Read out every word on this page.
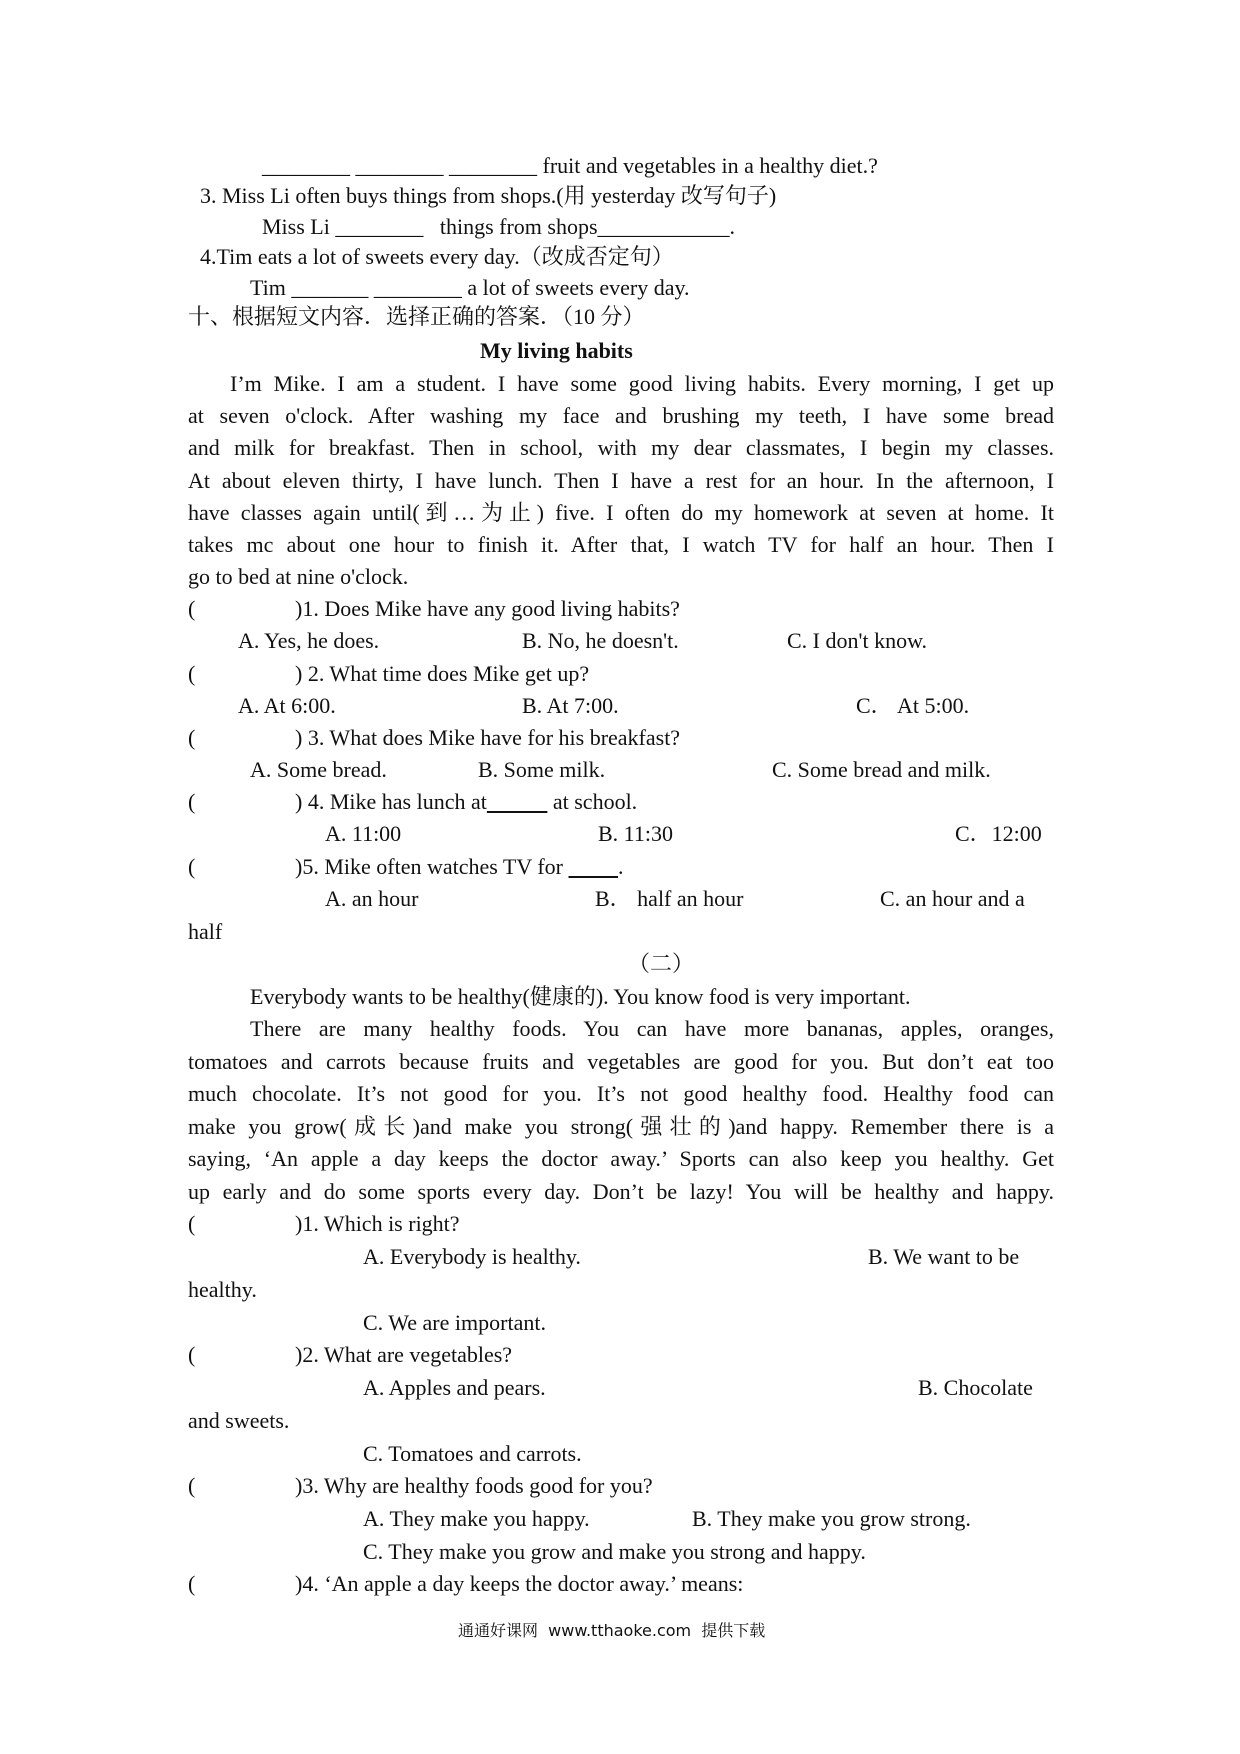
________ ________ ________ fruit and vegetables in a healthy diet.?
3. Miss Li often buys things from shops.(用 yesterday 改写句子)
Miss Li ________   things from shops____________.
4.Tim eats a lot of sweets every day.（改成否定句）
Tim _______ ________ a lot of sweets every day.
十、根据短文内容．选择正确的答案．（10 分）
My living habits
I’m Mike. I am a student. I have some good living habits. Every morning, I get up
at seven o'clock. After washing my face and brushing my teeth, I have some bread
and milk for breakfast. Then in school, with my dear classmates, I begin my classes.
At about eleven thirty, I have lunch. Then I have a rest for an hour. In the afternoon, I
have classes again until(到…为止) five. I often do my homework at seven at home. It
takes mc about one hour to finish it. After that, I watch TV for half an hour. Then I
go to bed at nine o'clock.
(	)1. Does Mike have any good living habits?
A. Yes, he does.	B. No, he doesn't.	C. I don't know.
(	) 2. What time does Mike get up?
A. At 6:00.	B. At 7:00.	C． At 5:00.
(	) 3. What does Mike have for his breakfast?
A. Some bread.	B. Some milk.	C. Some bread and milk.
(	) 4. Mike has lunch at	at school.
A. 11:00	B. 11:30	C．12:00
(	)5. Mike often watches TV for          .
A. an hour	B． half an hour	C. an hour and a
half
（二）
Everybody wants to be healthy(健康的). You know food is very important.
There are many healthy foods. You can have more bananas, apples, oranges,
tomatoes and carrots because fruits and vegetables are good for you. But don’t eat too
much chocolate. It’s not good for you. It’s not good healthy food. Healthy food can
make you grow(成长)and make you strong(强壮的)and happy. Remember there is a
saying, ‘An apple a day keeps the doctor away.’ Sports can also keep you healthy. Get
up early and do some sports every day. Don’t be lazy! You will be healthy and happy.
(	)1. Which is right?
A. Everybody is healthy.	B. We want to be
healthy.
C. We are important.
(	)2. What are vegetables?
A. Apples and pears.	B. Chocolate
and sweets.
C. Tomatoes and carrots.
(	)3. Why are healthy foods good for you?
A. They make you happy.	B. They make you grow strong.
C. They make you grow and make you strong and happy.
(	)4. ‘An apple a day keeps the doctor away.’ means:
通通好课网  www.tthaoke.com  提供下载
